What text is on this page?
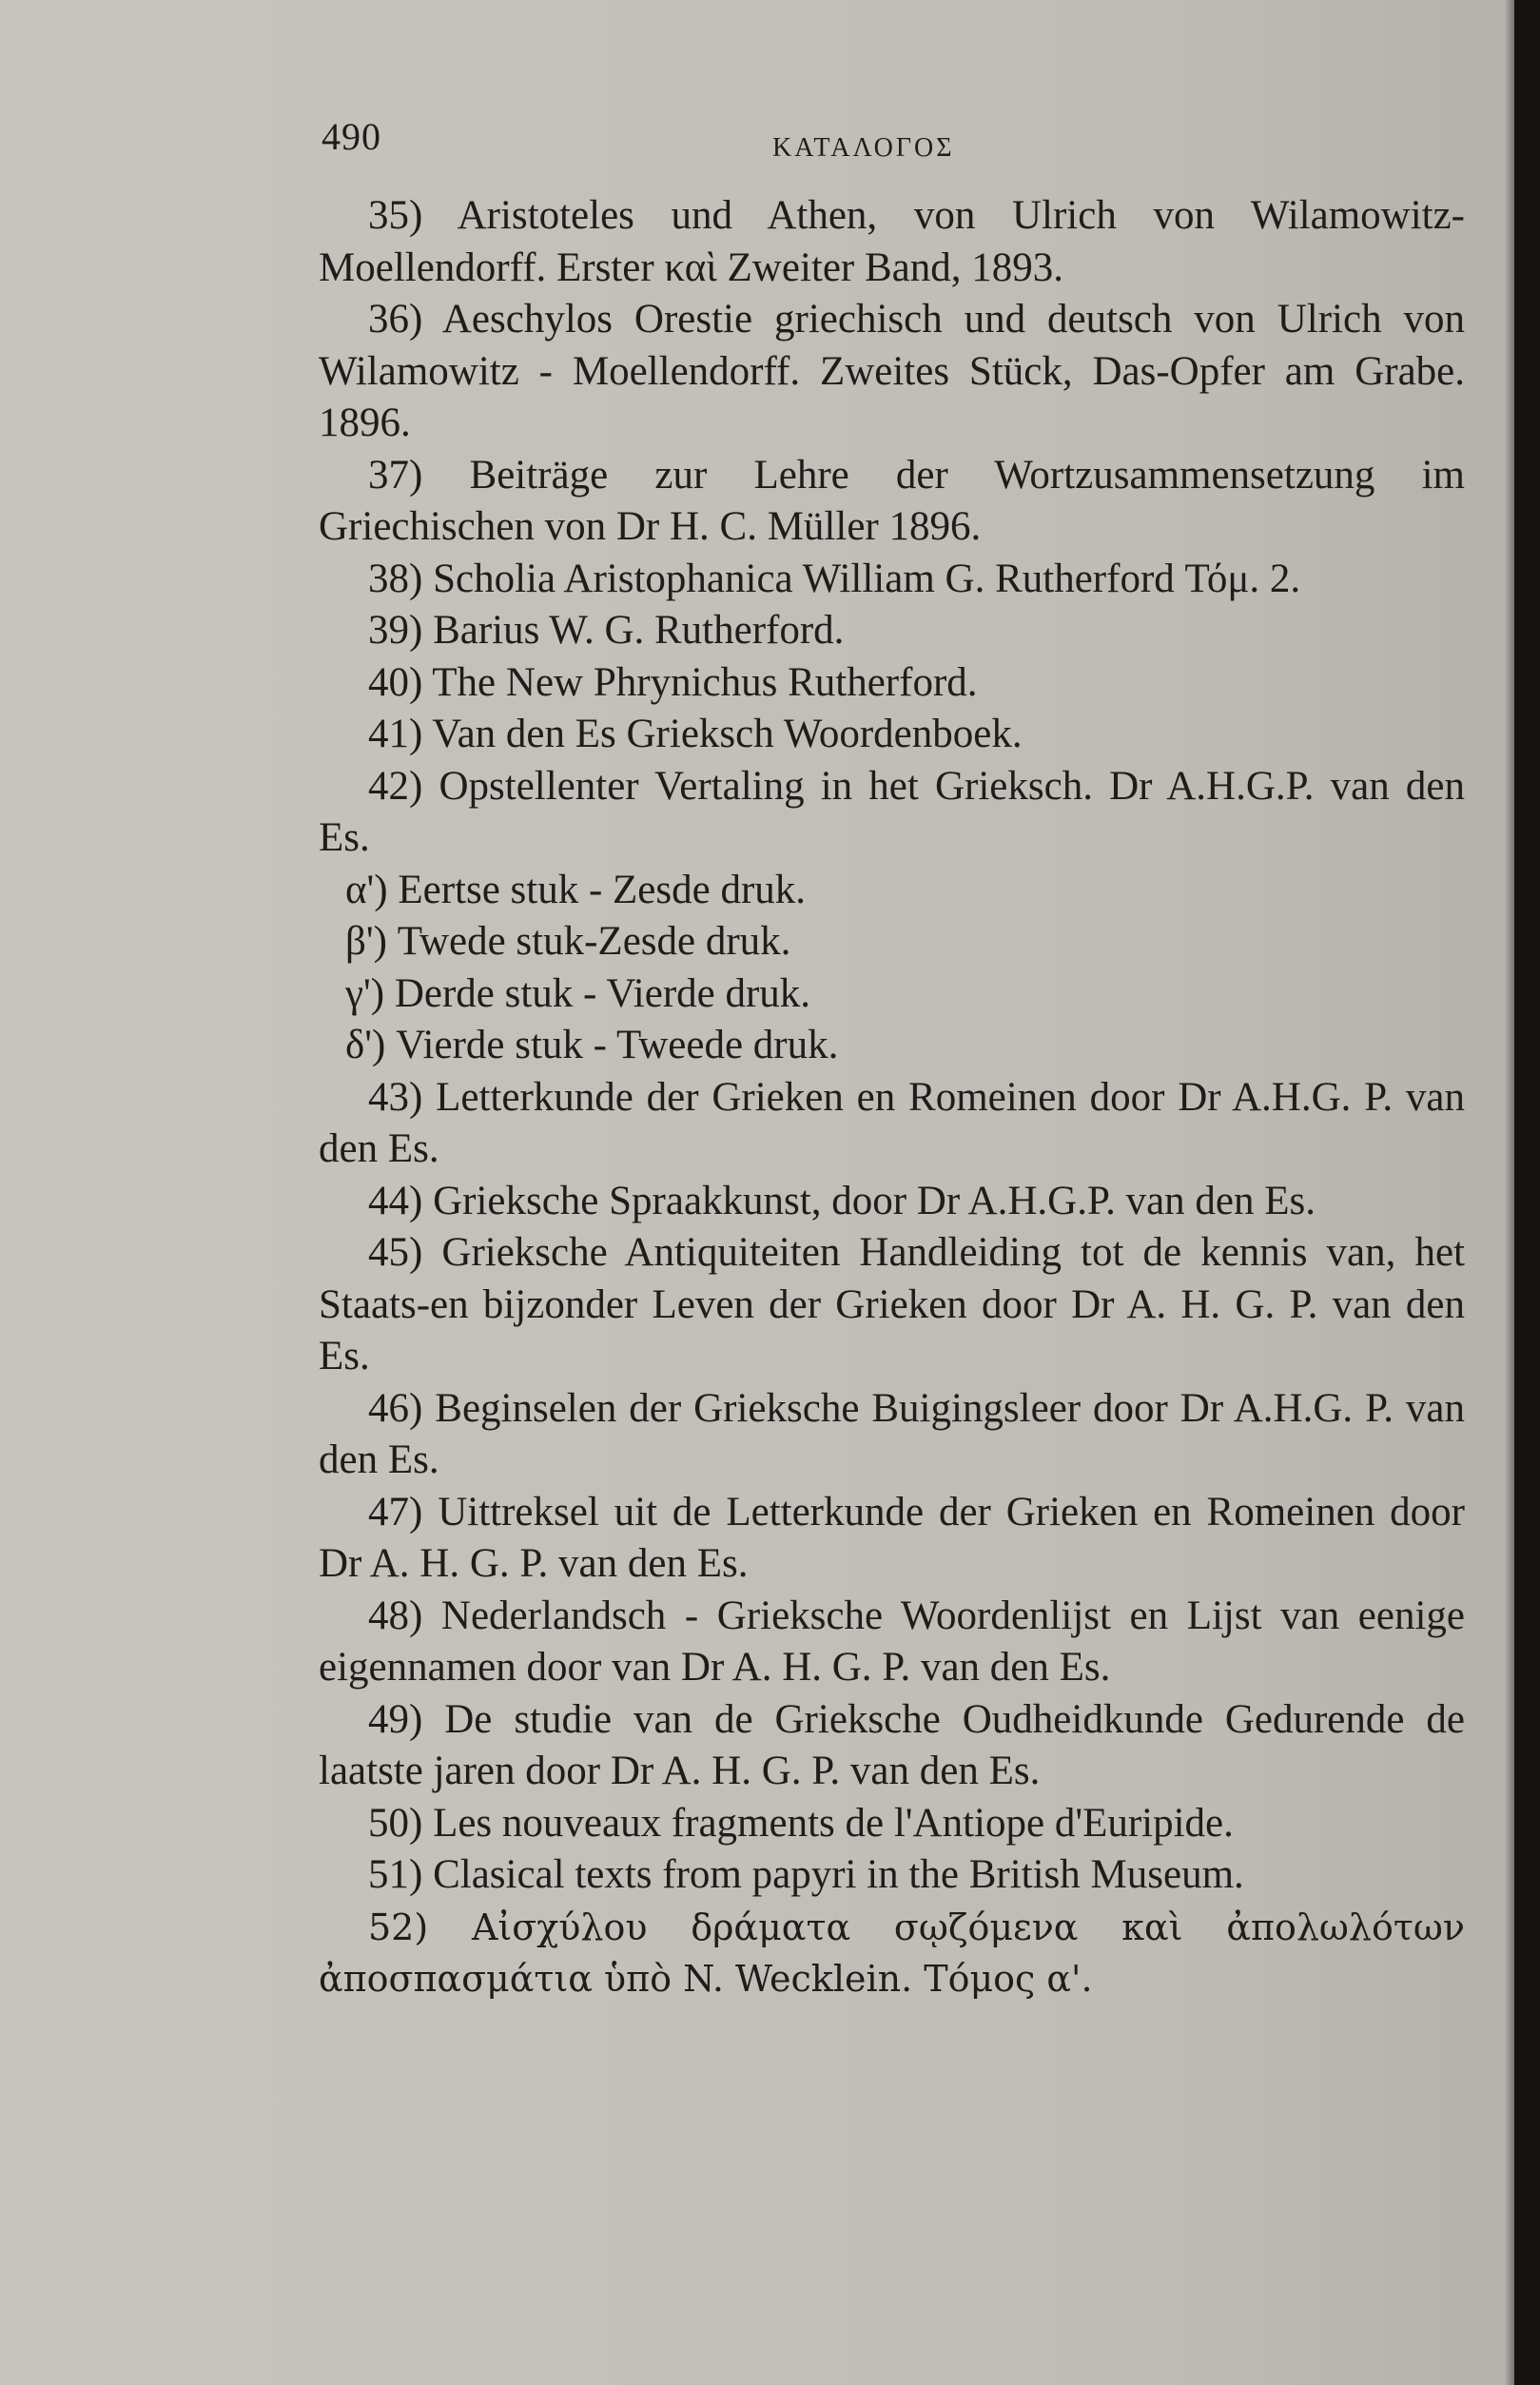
490	ΚΑΤΑΛΟΓΟΣ

35) Aristoteles und Athen, von Ulrich von Wilamowitz-Moellendorff. Erster καὶ Zweiter Band, 1893.

36) Aeschylos Orestie griechisch und deutsch von Ulrich von Wilamowitz - Moellendorff. Zweites Stück, Das-Opfer am Grabe. 1896.

37) Beiträge zur Lehre der Wortzusammensetzung im Griechischen von Dr H. C. Müller 1896.

38) Scholia Aristophanica William G. Rutherford Τόμ. 2.

39) Barius W. G. Rutherford.

40) The New Phrynichus Rutherford.

41) Van den Es Grieksch Woordenboek.

42) Opstellenter Vertaling in het Grieksch. Dr A.H.G.P. van den Es.

α') Eertse stuk - Zesde druk.

β') Twede stuk-Zesde druk.

γ') Derde stuk - Vierde druk.

δ') Vierde stuk - Tweede druk.

43) Letterkunde der Grieken en Romeinen door Dr A.H.G. P. van den Es.

44) Grieksche Spraakkunst, door Dr A.H.G.P. van den Es.

45) Grieksche Antiquiteiten Handleiding tot de kennis van, het Staats-en bijzonder Leven der Grieken door Dr A. H. G. P. van den Es.

46) Beginselen der Grieksche Buigingsleer door Dr A.H.G. P. van den Es.

47) Uittreksel uit de Letterkunde der Grieken en Romeinen door Dr A. H. G. P. van den Es.

48) Nederlandsch - Grieksche Woordenlijst en Lijst van eenige eigennamen door van Dr A. H. G. P. van den Es.

49) De studie van de Grieksche Oudheidkunde Gedurende de laatste jaren door Dr A. H. G. P. van den Es.

50) Les nouveaux fragments de l'Antiope d'Euripide.

51) Clasical texts from papyri in the British Museum.

52) Αἰσχύλου δράματα σῳζόμενα καὶ ἀπολωλότων ἀποσπασμάτια ὑπὸ N. Wecklein. Τόμος α'.
